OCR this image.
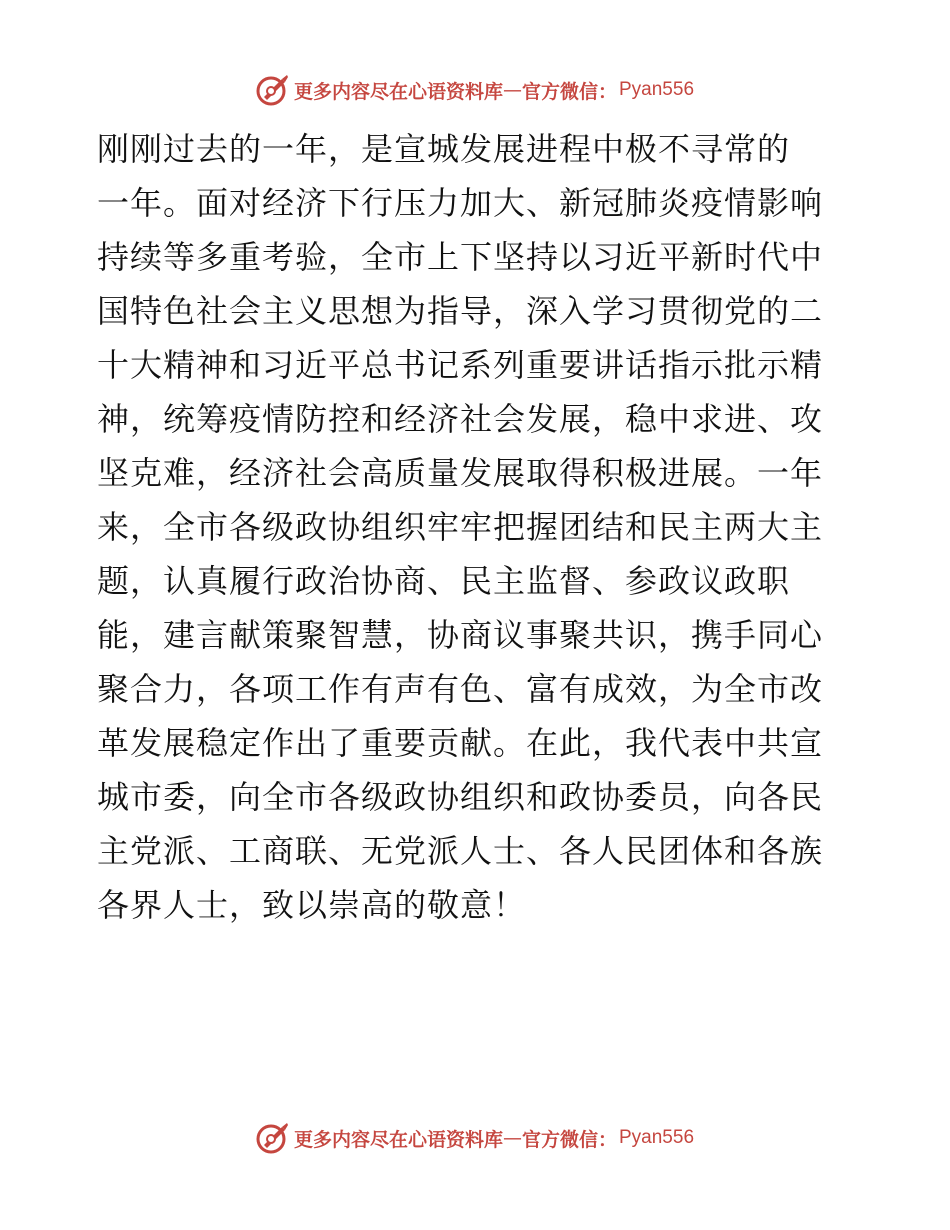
更多内容尽在心语资料库 — 官方微信： Pyan556
刚刚过去的一年，是宣城发展进程中极不寻常的
一年。面对经济下行压力加大、新冠肺炎疫情影响
持续等多重考验，全市上下坚持以习近平新时代中
国特色社会主义思想为指导，深入学习贯彻党的二
十大精神和习近平总书记系列重要讲话指示批示精
神，统筹疫情防控和经济社会发展，稳中求进、攻
坚克难，经济社会高质量发展取得积极进展。一年
来，全市各级政协组织牢牢把握团结和民主两大主
题，认真履行政治协商、民主监督、参政议政职
能，建言献策聚智慧，协商议事聚共识，携手同心
聚合力，各项工作有声有色、富有成效，为全市改
革发展稳定作出了重要贡献。在此，我代表中共宣
城市委，向全市各级政协组织和政协委员，向各民
主党派、工商联、无党派人士、各人民团体和各族
各界人士，致以崇高的敬意！
更多内容尽在心语资料库 — 官方微信： Pyan556
